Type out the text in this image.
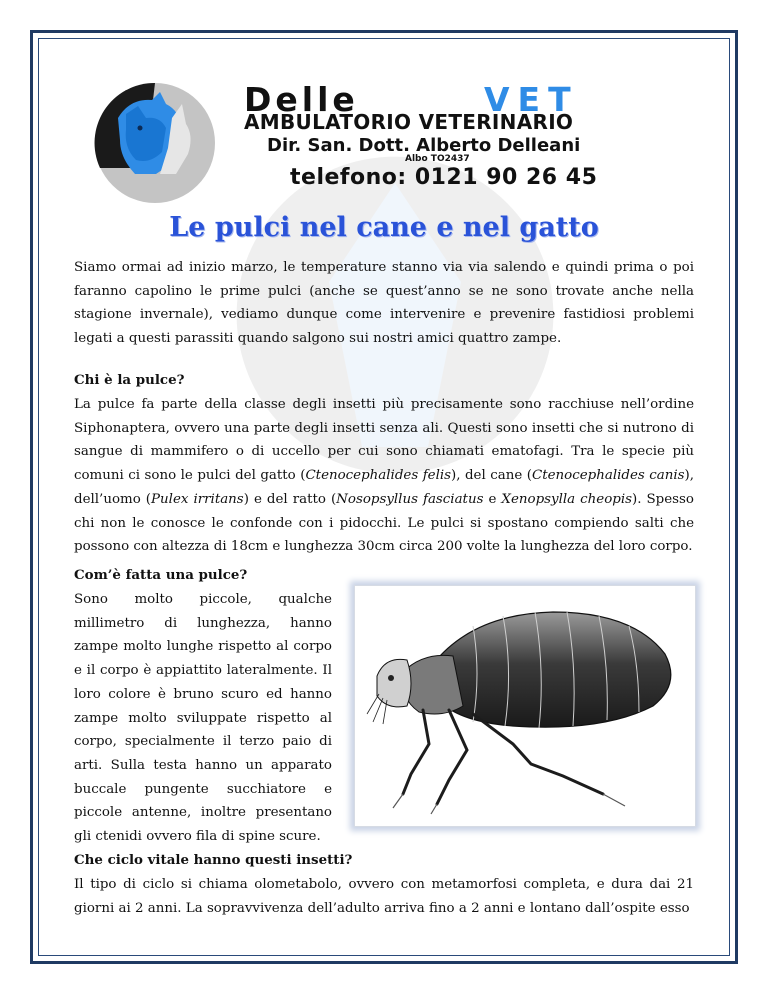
Delle	VET
AMBULATORIO VETERINARIO
Dir. San. Dott. Alberto Delleani
Albo TO2437
telefono: 0121 90 26 45
Le pulci nel cane e nel gatto

Siamo ormai ad inizio marzo, le temperature stanno via via salendo e quindi prima o poi faranno capolino le prime pulci (anche se quest’anno se ne sono trovate anche nella stagione invernale), vediamo dunque come intervenire e prevenire fastidiosi problemi legati a questi parassiti quando salgono sui nostri amici quattro zampe.

Chi è la pulce?

La pulce fa parte della classe degli insetti più precisamente sono racchiuse nell’ordine Siphonaptera, ovvero una parte degli insetti senza ali. Questi sono insetti che si nutrono di sangue di mammifero o di uccello per cui sono chiamati ematofagi. Tra le specie più comuni ci sono le pulci del gatto (Ctenocephalides felis), del cane (Ctenocephalides canis), dell’uomo (Pulex irritans) e del ratto (Nosopsyllus fasciatus e Xenopsylla cheopis). Spesso chi non le conosce le confonde con i pidocchi. Le pulci si spostano compiendo salti che possono con altezza di 18cm e lunghezza 30cm circa 200 volte la lunghezza del loro corpo.

Com’è fatta una pulce?

Sono molto piccole, qualche millimetro di lunghezza, hanno zampe molto lunghe rispetto al corpo e il corpo è appiattito lateralmente. Il loro colore è bruno scuro ed hanno zampe molto sviluppate rispetto al corpo, specialmente il terzo paio di arti. Sulla testa hanno un apparato buccale pungente succhiatore e piccole antenne, inoltre presentano gli ctenidi ovvero fila di spine scure.

Che ciclo vitale hanno questi insetti?

Il tipo di ciclo si chiama olometabolo, ovvero con metamorfosi completa, e dura dai 21 giorni ai 2 anni. La sopravvivenza dell’adulto arriva fino a 2 anni e lontano dall’ospite esso
